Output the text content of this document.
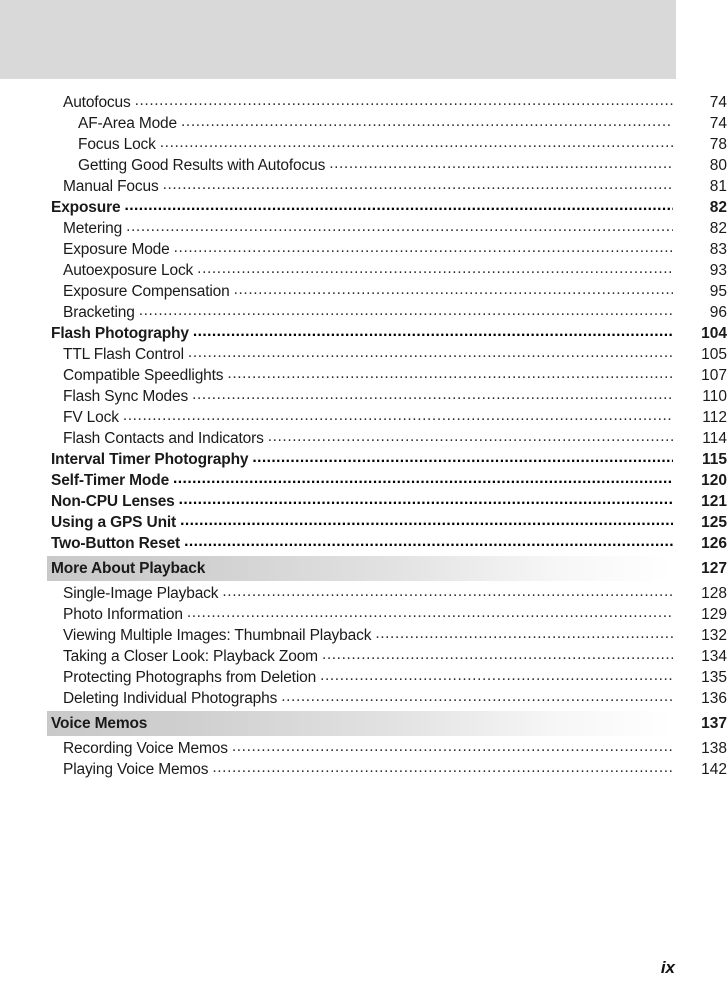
Autofocus .....	74
AF-Area Mode .....	74
Focus Lock .....	78
Getting Good Results with Autofocus .....	80
Manual Focus .....	81
Exposure .....	82
Metering .....	82
Exposure Mode .....	83
Autoexposure Lock .....	93
Exposure Compensation .....	95
Bracketing .....	96
Flash Photography .....	104
TTL Flash Control .....	105
Compatible Speedlights .....	107
Flash Sync Modes .....	110
FV Lock .....	112
Flash Contacts and Indicators .....	114
Interval Timer Photography .....	115
Self-Timer Mode .....	120
Non-CPU Lenses .....	121
Using a GPS Unit .....	125
Two-Button Reset .....	126
More About Playback	127
Single-Image Playback .....	128
Photo Information .....	129
Viewing Multiple Images: Thumbnail Playback .....	132
Taking a Closer Look: Playback Zoom .....	134
Protecting Photographs from Deletion .....	135
Deleting Individual Photographs .....	136
Voice Memos	137
Recording Voice Memos .....	138
Playing Voice Memos .....	142
ix
